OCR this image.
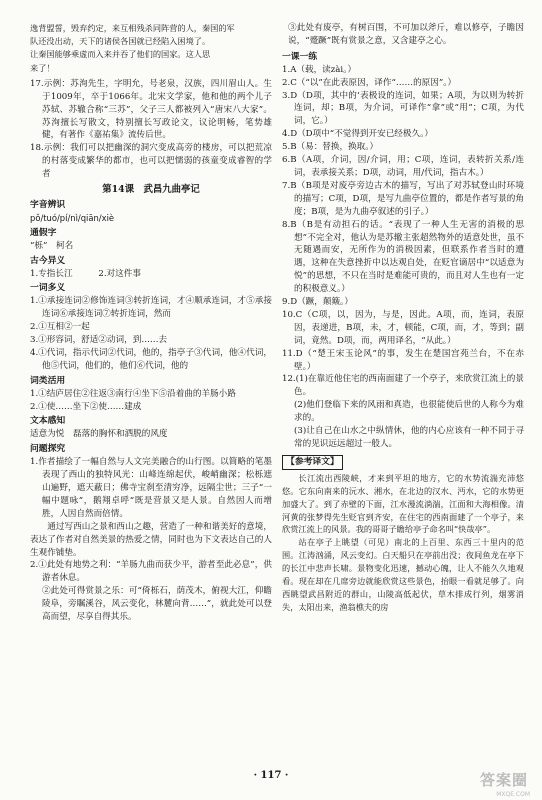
逸背盟誓，毁弃约定，来互相残杀同阵营的人，秦国的军

队还没出动，天下的诸侯各国就已经陷入困境了。

让秦国能够乘虚而入来并吞了他们的国家。这人思

来了！

17.示例：苏洵先生，字明允，号老泉，汉族，四川眉山人。生于1009年，卒于1066年。北宋文学家，他和他的两个儿子苏轼、苏辙合称“三苏”，父子三人都被列入“唐宋八大家”。苏洵擅长写散文，特别擅长写政论文，议论明畅，笔势雄健，有著作《嘉祐集》流传后世。

18.示例：我们可以把幽深的洞穴变成高旁的楼房，可以把荒凉的村落变成繁华的都市，也可以把懦弱的孩童变成睿智的学者

第14课　武昌九曲亭记
字音辨识

pǒ/tuó/pí/nì/qiān/xiè

通假字

“栎”　柯名

古今异义

1.专指长江　　　2.对这件事

一词多义

1.①承接连词②修饰连词③转折连词，才④顺承连词，才⑤承接连词⑥承接连词⑦转折连词，然而

2.①互相②一起

3.①形容词，舒适②动词，到……去

4.①代词，指示代词②代词，他的，指亭子③代词，他④代词，他⑤代词，他们的，他们⑥代词，他的

词类活用

1.①结庐居住②往返③南行④坐下⑤沿着曲的羊肠小路

2.①使……坐下②使……建成

文本感知

适意为悦　磊落的胸怀和洒脱的风度

问题探究

1.作者描绘了一幅自然与人文完美融合的山行图。以简略的笔墨表现了西山的独特风光：山峰连绵起伏，峻峭幽深；松栎遮山遍野，遮天蔽日；佛寺宝刹至清穷净，远隔尘世；三子“一幅中题咏”，鹅翔卓呼“既是营景又是人景。自然因人而增胜，人因自然而倍情。

通过写西山之景和西山之趣，营造了一种和谐美好的意境，表达了作者对自然美景的热爱之情，同时也为下文表达自己的人生观作铺垫。

2.①此处有地势之利：“羊肠九曲而获少平，游者至此必息”，供游者休息。

②此处可得赏景之乐：可“倚栎石，荫茂木，俯视大江，仰瞻陵阜，旁瞩溪谷，风云变化，林麓向背……”，就此处可以登高而望，尽享自得其乐。

③此处有废亭，有树百围，不可加以斧斤，难以修亭，子瞻因说，“蹙蹶”既有赏景之意，又含建亭之心。

一课一练

1.A（载，读zài。）

2.C（“以”在此表原因，译作“……的原因”。）

3.D（D项，其中的‘表极设的连词，如果；A项，为以则为转折连词，却；B项，为介词，可译作“拿”或“用”；C项，为代词，它。）

4.D（D项中“不觉得到开安已经极久。）

5.B（易：替换，换取。）

6.B（A项，介词，因/介词，用；C项，连词，表转折关系/连词，表承接关系；D项，动词，用/代词，指古木。）

7.B（B项是对废亭旁边古木的描写，写出了对苏轼登山时环境的描写；C项，D项，是写九曲亭位置的，都是作者写景的角度；B项，是为九曲亭叙述的引子。）

8.B（B是有动担石的话。“表现了一种人生无害的消极的思想”不完全对，他认为是苏辙主张超然物外的适意处世，虽不无随遇而安，无所作为的消极因素，但联系作者当时的遭遇，这种在失意挫折中以达观自处，在贬官谪居中“以适意为悦”的思想，不只在当时是难能可贵的，而且对人生也有一定的积极意义。）

9.D（蹶，颠簸。）

10.C（C项，以，因为，与是，因此。A项，而，连词，表原因，表递进，B项，未，才，顿能，C项，而，才，等到；副词，竟然。D项，而，两用译名，“从此。）

11.D（“楚王宋玉论风”的事，发生在楚国宫苑兰台，不在赤壁。）

12.(1)在靠近他住宅的西南面建了一个亭子，来欣赏江流上的景色。

(2)他们登临下来的风雨和真造，也很能使后世的人称今为难求的。

(3)让自己在山水之中纵情休，他的内心应该有一种不同于寻常的见识远远超过一般人。

【参考译文】

长江流出西陵峡，才来到平坦的地方，它的水势流湍充沛悠悠。它东向南来的沅水、湘水，在北边的汉水、沔水，它的水势更加盛大了。到了赤壁的下面，江水漫流淌湍，江面和大海相像。清河黄的张梦得先生贬官到齐安，在住宅的西南面建了一个亭子，来欣赏江流上的风景。我的哥哥子瞻给亭子命名叫“快哉亭”。

站在亭子上眺望（可见）南北的上百里、东西三十里内的范围。江涛汹涌，风云变幻。白天船只在亭前出没；夜间鱼龙在亭下的长江中悲声长啸。景物变化迅速，撼动心魄，让人不能久久地观看。现在却在几席旁边就能欣赏这些景色，抬眼一看就足够了。向西眺望武昌附近的群山，山陵高低起伏，草木排成行列，烟雾消失，太阳出来，渔翁樵夫的房

· 117 ·	答案圈
MXQE.COM
